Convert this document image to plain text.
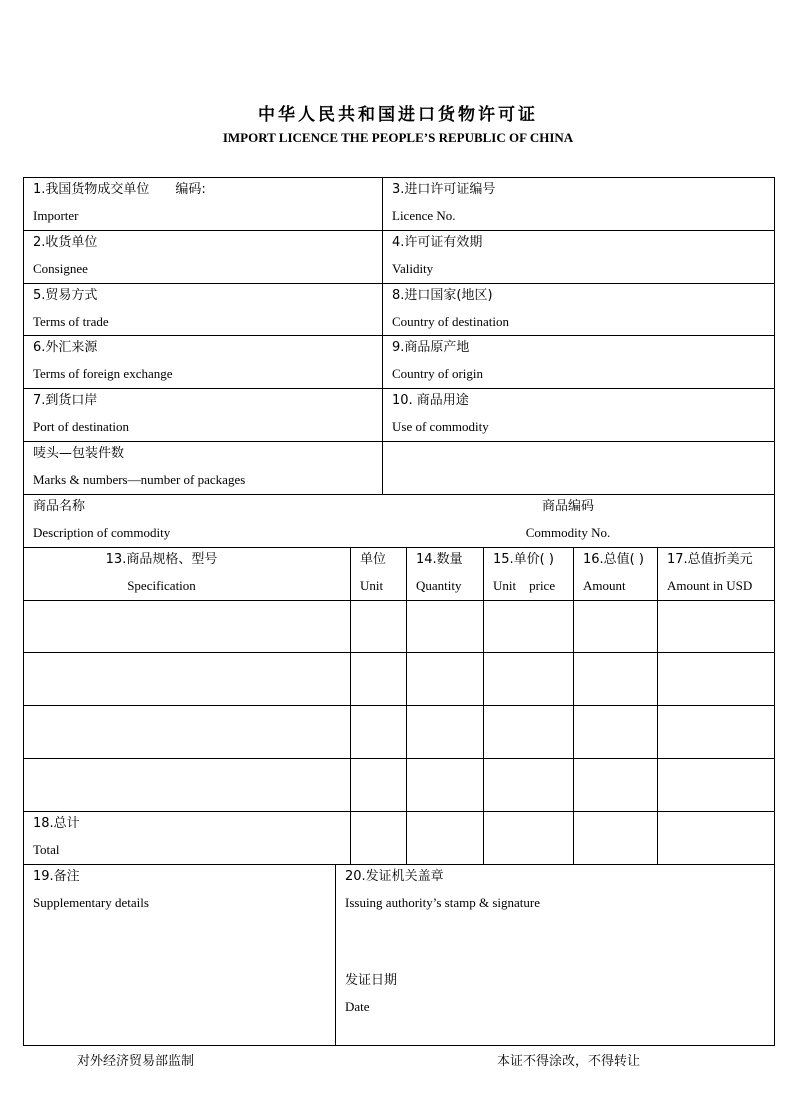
中华人民共和国进口货物许可证
IMPORT LICENCE THE PEOPLE’S REPUBLIC OF CHINA
1.我国货物成交单位　　编码:
Importer
3.进口许可证编号
Licence No.
2.收货单位
Consignee
4.许可证有效期
Validity
5.贸易方式
Terms of trade
8.进口国家(地区)
Country of destination
6.外汇来源
Terms of foreign exchange
9.商品原产地
Country of origin
7.到货口岸
Port of destination
10. 商品用途
Use of commodity
唛头—包装件数
Marks & numbers—number of packages
商品名称
Description of commodity
商品编码
Commodity No.
13.商品规格、型号
Specification
单位
Unit
14.数量
Quantity
15.单价( )
Unit　price
16.总值( )
Amount
17.总值折美元
Amount in USD
18.总计
Total
19.备注
Supplementary details
20.发证机关盖章
Issuing authority’s stamp & signature
发证日期
Date
对外经济贸易部监制	本证不得涂改，不得转让
